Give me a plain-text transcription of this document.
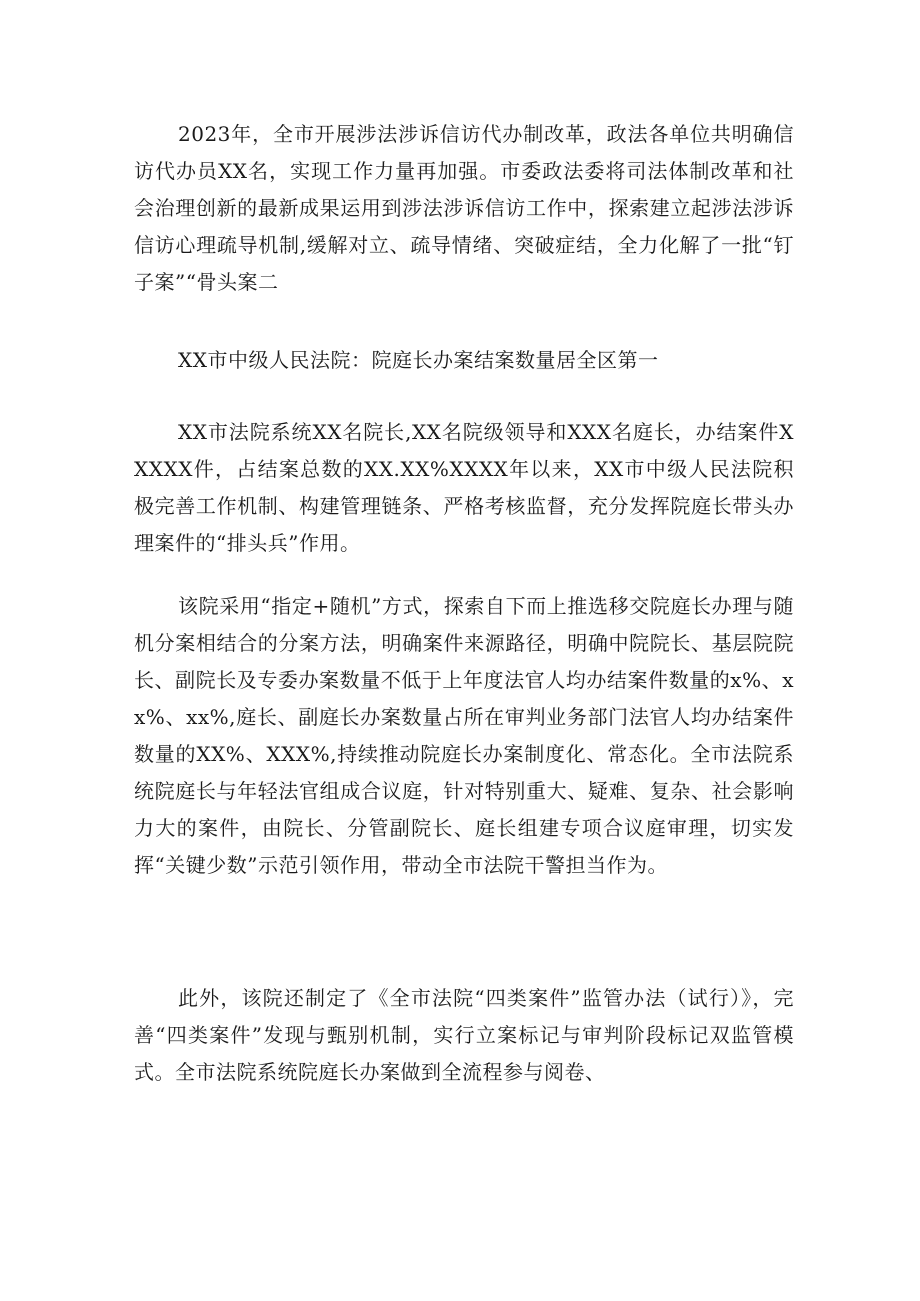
2023年，全市开展涉法涉诉信访代办制改革，政法各单位共明确信访代办员XX名，实现工作力量再加强。市委政法委将司法体制改革和社会治理创新的最新成果运用到涉法涉诉信访工作中，探索建立起涉法涉诉信访心理疏导机制,缓解对立、疏导情绪、突破症结，全力化解了一批“钉子案”“骨头案二

XX市中级人民法院：院庭长办案结案数量居全区第一

XX市法院系统XX名院长,XX名院级领导和XXX名庭长，办结案件XXXXX件，占结案总数的XX.XX%XXXX年以来，XX市中级人民法院积极完善工作机制、构建管理链条、严格考核监督，充分发挥院庭长带头办理案件的“排头兵”作用。

该院采用“指定+随机”方式，探索自下而上推选移交院庭长办理与随机分案相结合的分案方法，明确案件来源路径，明确中院院长、基层院院长、副院长及专委办案数量不低于上年度法官人均办结案件数量的x%、xx%、xx%,庭长、副庭长办案数量占所在审判业务部门法官人均办结案件数量的XX%、XXX%,持续推动院庭长办案制度化、常态化。全市法院系统院庭长与年轻法官组成合议庭，针对特别重大、疑难、复杂、社会影响力大的案件，由院长、分管副院长、庭长组建专项合议庭审理，切实发挥“关键少数”示范引领作用，带动全市法院干警担当作为。

此外，该院还制定了《全市法院“四类案件”监管办法（试行）》，完善“四类案件”发现与甄别机制，实行立案标记与审判阶段标记双监管模式。全市法院系统院庭长办案做到全流程参与阅卷、
